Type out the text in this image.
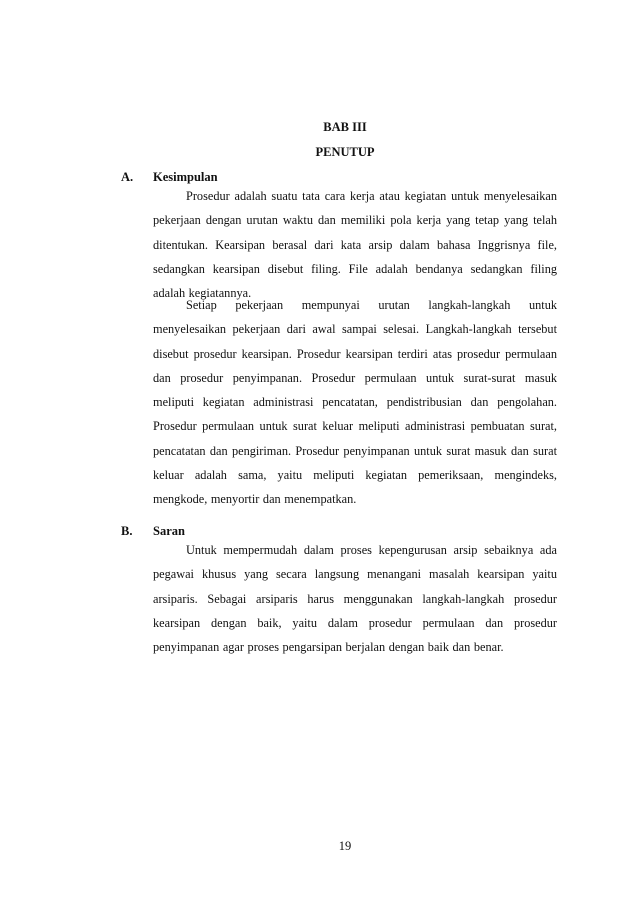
BAB III
PENUTUP
A. Kesimpulan

Prosedur adalah suatu tata cara kerja atau kegiatan untuk menyelesaikan pekerjaan dengan urutan waktu dan memiliki pola kerja yang tetap yang telah ditentukan. Kearsipan berasal dari kata arsip dalam bahasa Inggrisnya file, sedangkan kearsipan disebut filing. File adalah bendanya sedangkan filing adalah kegiatannya.

Setiap pekerjaan mempunyai urutan langkah-langkah untuk menyelesaikan pekerjaan dari awal sampai selesai. Langkah-langkah tersebut disebut prosedur kearsipan. Prosedur kearsipan terdiri atas prosedur permulaan dan prosedur penyimpanan. Prosedur permulaan untuk surat-surat masuk meliputi kegiatan administrasi pencatatan, pendistribusian dan pengolahan. Prosedur permulaan untuk surat keluar meliputi administrasi pembuatan surat, pencatatan dan pengiriman. Prosedur penyimpanan untuk surat masuk dan surat keluar adalah sama, yaitu meliputi kegiatan pemeriksaan, mengindeks, mengkode, menyortir dan menempatkan.

B. Saran

Untuk mempermudah dalam proses kepengurusan arsip sebaiknya ada pegawai khusus yang secara langsung menangani masalah kearsipan yaitu arsiparis. Sebagai arsiparis harus menggunakan langkah-langkah prosedur kearsipan dengan baik, yaitu dalam prosedur permulaan dan prosedur penyimpanan agar proses pengarsipan berjalan dengan baik dan benar.

19
